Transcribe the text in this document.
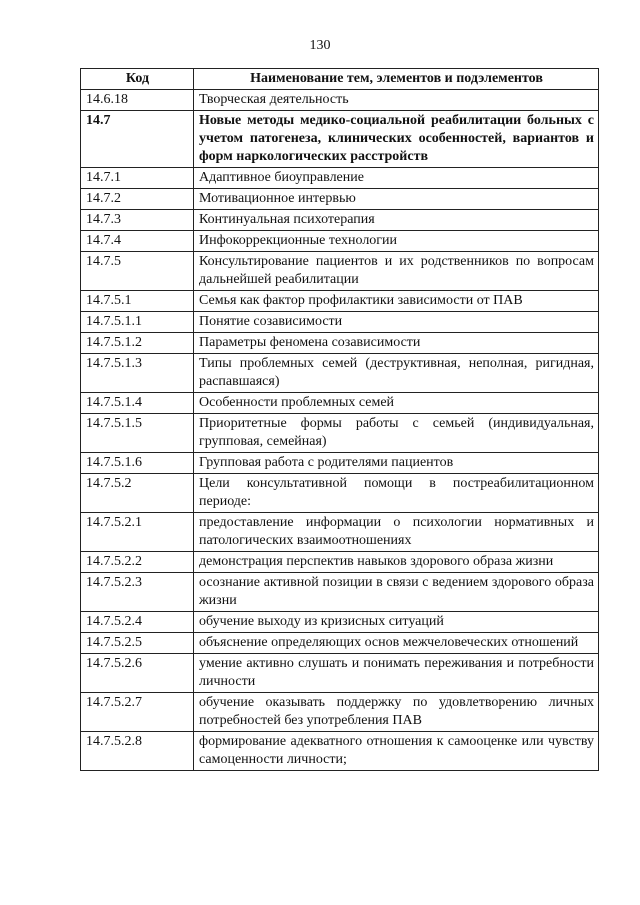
130
Код	Наименование тем, элементов и подэлементов
14.6.18	Творческая деятельность
14.7	Новые методы медико-социальной реабилитации больных с учетом патогенеза, клинических особенностей, вариантов и форм наркологических расстройств
14.7.1	Адаптивное биоуправление
14.7.2	Мотивационное интервью
14.7.3	Континуальная психотерапия
14.7.4	Инфокоррекционные технологии
14.7.5	Консультирование пациентов и их родственников по вопросам дальнейшей реабилитации
14.7.5.1	Семья как фактор профилактики зависимости от ПАВ
14.7.5.1.1	Понятие созависимости
14.7.5.1.2	Параметры феномена созависимости
14.7.5.1.3	Типы проблемных семей (деструктивная, неполная, ригидная, распавшаяся)
14.7.5.1.4	Особенности проблемных семей
14.7.5.1.5	Приоритетные формы работы с семьей (индивидуальная, групповая, семейная)
14.7.5.1.6	Групповая работа с родителями пациентов
14.7.5.2	Цели консультативной помощи в постреабилитационном периоде:
14.7.5.2.1	предоставление информации о психологии нормативных и патологических взаимоотношениях
14.7.5.2.2	демонстрация перспектив навыков здорового образа жизни
14.7.5.2.3	осознание активной позиции в связи с ведением здорового образа жизни
14.7.5.2.4	обучение выходу из кризисных ситуаций
14.7.5.2.5	объяснение определяющих основ межчеловеческих отношений
14.7.5.2.6	умение активно слушать и понимать переживания и потребности личности
14.7.5.2.7	обучение оказывать поддержку по удовлетворению личных потребностей без употребления ПАВ
14.7.5.2.8	формирование адекватного отношения к самооценке или чувству самоценности личности;
